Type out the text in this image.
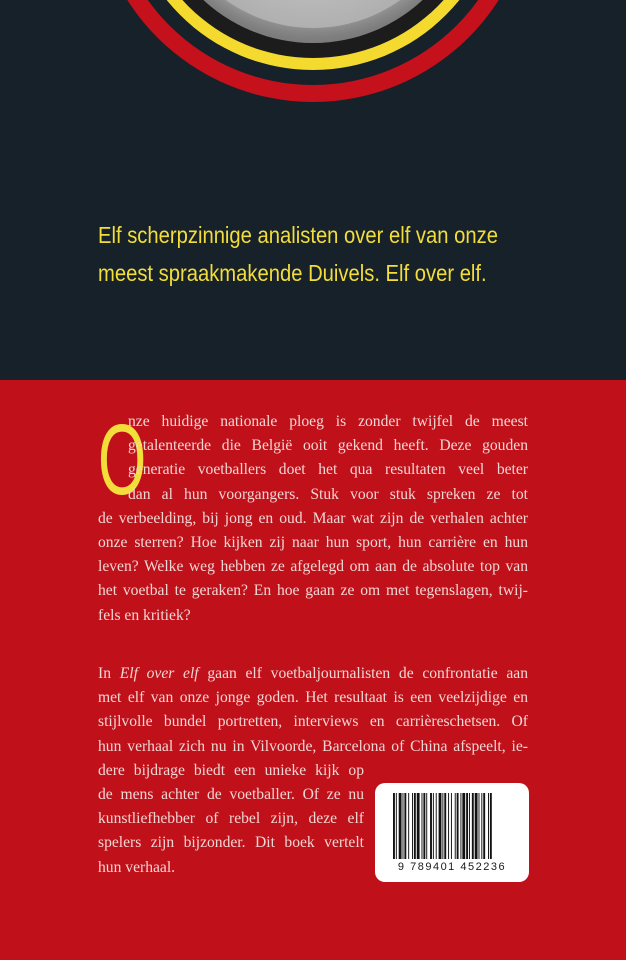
Elf scherpzinnige analisten over elf van onze
meest spraakmakende Duivels. Elf over elf.

O

nze huidige nationale ploeg is zonder twijfel de meest
getalenteerde die België ooit gekend heeft. Deze gouden
generatie voetballers doet het qua resultaten veel beter
dan al hun voorgangers. Stuk voor stuk spreken ze tot
de verbeelding, bij jong en oud. Maar wat zijn de verhalen achter
onze sterren? Hoe kijken zij naar hun sport, hun carrière en hun
leven? Welke weg hebben ze afgelegd om aan de absolute top van
het voetbal te geraken? En hoe gaan ze om met tegenslagen, twij-
fels en kritiek?

In Elf over elf gaan elf voetbaljournalisten de confrontatie aan
met elf van onze jonge goden. Het resultaat is een veelzijdige en
stijlvolle bundel portretten, interviews en carrièreschetsen. Of
hun verhaal zich nu in Vilvoorde, Barcelona of China afspeelt, ie-
dere bijdrage biedt een unieke kijk op
de mens achter de voetballer. Of ze nu
kunstliefhebber of rebel zijn, deze elf
spelers zijn bijzonder. Dit boek vertelt
hun verhaal.	9 789401 452236
